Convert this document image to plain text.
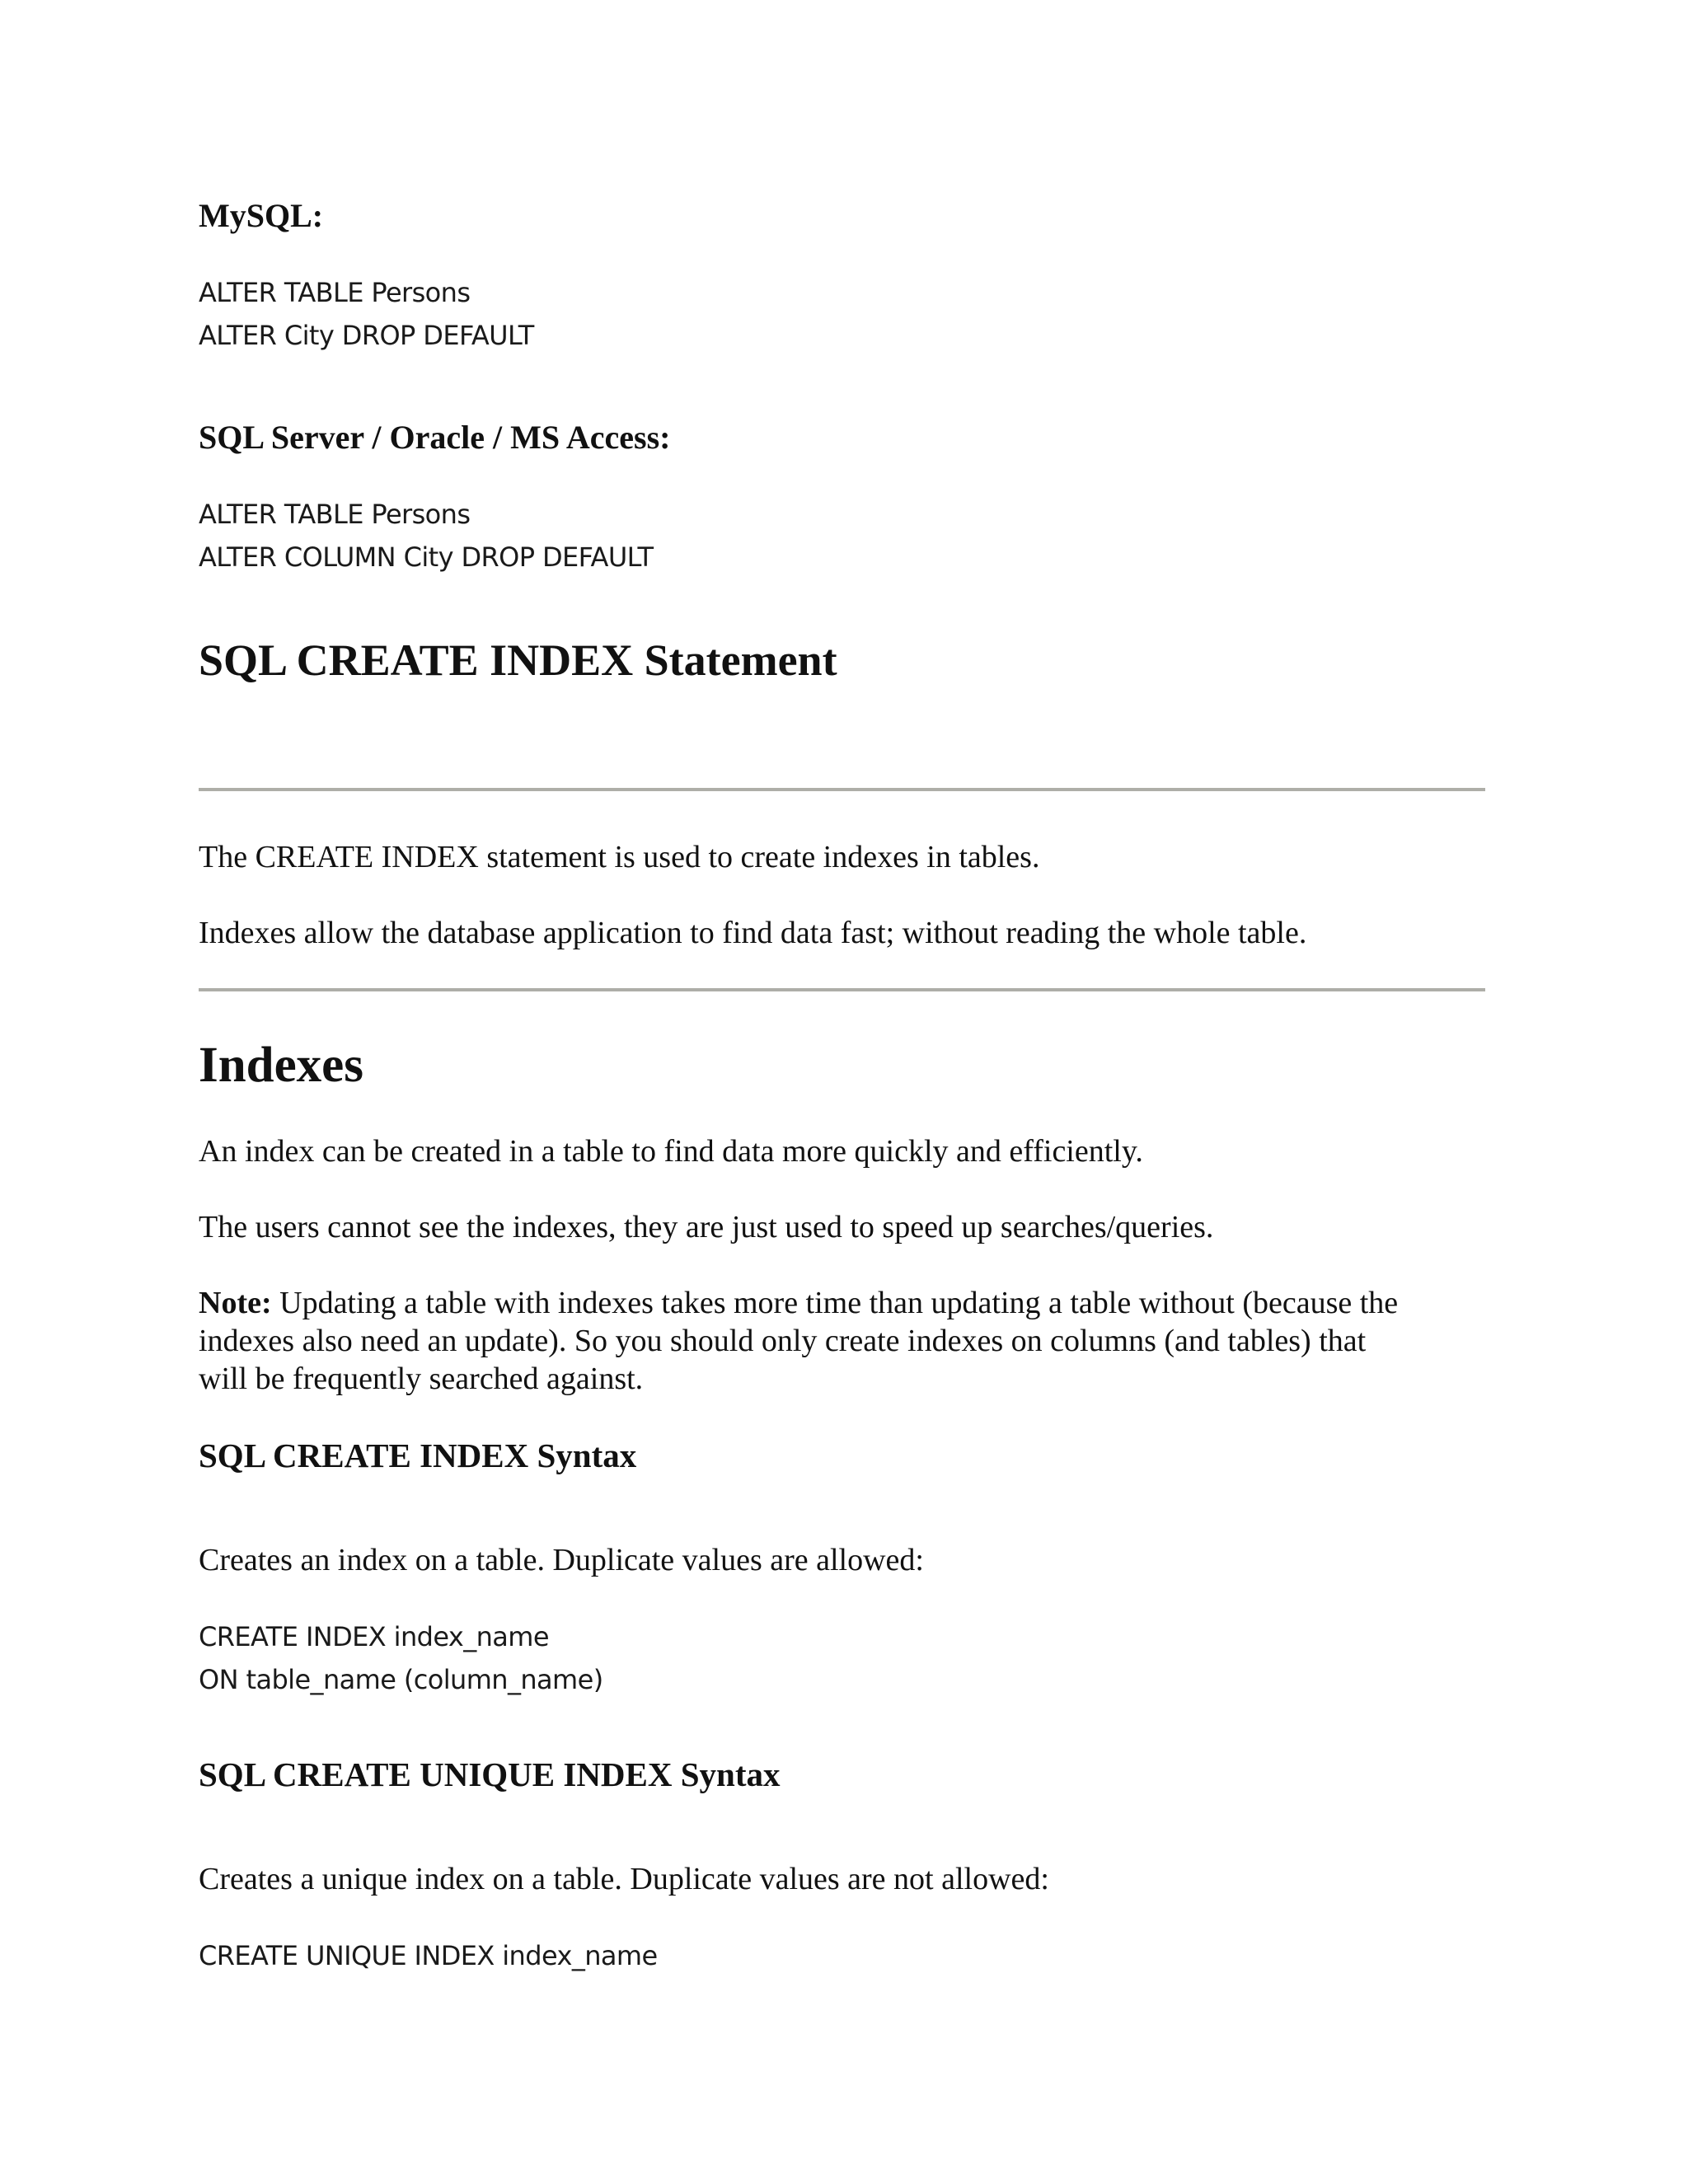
MySQL:
ALTER TABLE Persons
ALTER City DROP DEFAULT
SQL Server / Oracle / MS Access:
ALTER TABLE Persons
ALTER COLUMN City DROP DEFAULT
SQL CREATE INDEX Statement

The CREATE INDEX statement is used to create indexes in tables.

Indexes allow the database application to find data fast; without reading the whole table.

Indexes

An index can be created in a table to find data more quickly and efficiently.

The users cannot see the indexes, they are just used to speed up searches/queries.

Note: Updating a table with indexes takes more time than updating a table without (because the
indexes also need an update). So you should only create indexes on columns (and tables) that
will be frequently searched against.

SQL CREATE INDEX Syntax

Creates an index on a table. Duplicate values are allowed:

CREATE INDEX index_name
ON table_name (column_name)
SQL CREATE UNIQUE INDEX Syntax

Creates a unique index on a table. Duplicate values are not allowed:

CREATE UNIQUE INDEX index_name
